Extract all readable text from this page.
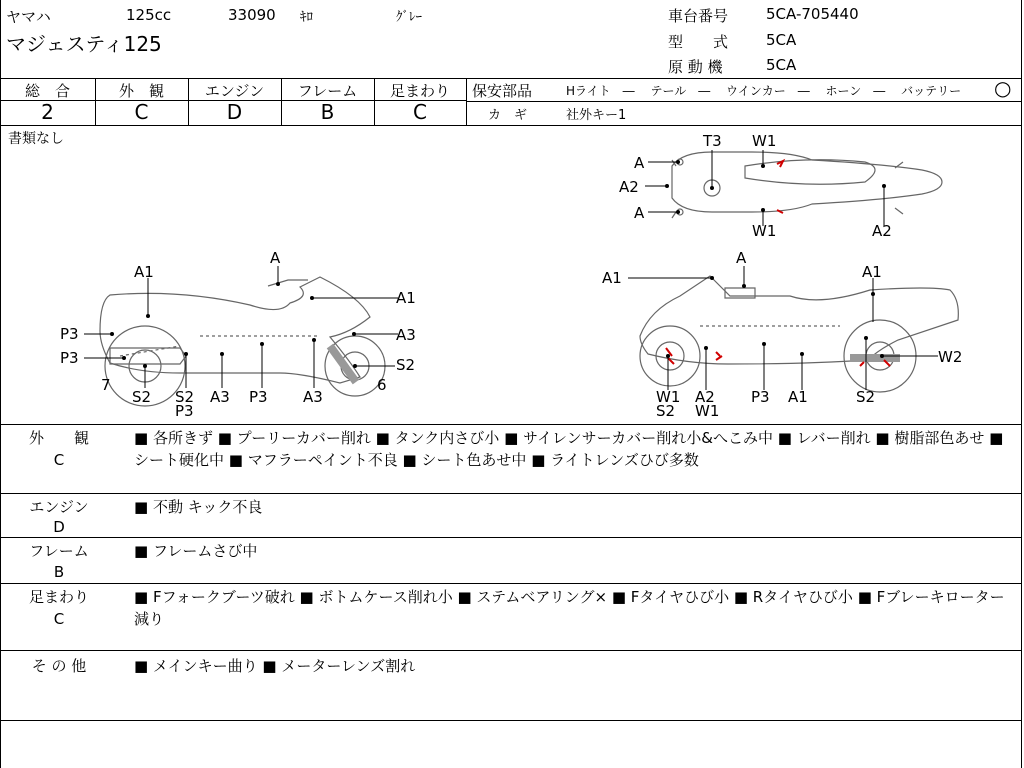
ヤマハ	125cc	33090 ｷﾛ	ｸﾞﾚｰ
マジェスティ125
車台番号	5CA-705440
型　　式	5CA
原 動 機	5CA
総　合	外　観	エンジン	フレーム	足まわり
2	C	D	B	C
保安部品	Hライト　―　 テール　―　 ウインカー　―　 ホーン　―　 バッテリー ○
カ　ギ	社外キー1
書類なし
A
A2
A
T3 W1
W1	A2
A
A1
A1
A3
S2
6
P3
P3
7
S2 S2
P3
A3 P3 A3
A
A1	A1
W2
W1
S2
A2
W1
P3 A1	S2
外　　観
C
■ 各所きず ■ プーリーカバー削れ ■ タンク内さび小 ■ サイレンサーカバー削れ小&へこみ中 ■ レバー削れ ■ 樹脂部色あせ ■ シート硬化中 ■ マフラーペイント不良 ■ シート色あせ中 ■ ライトレンズひび多数
エンジン
D
■ 不動 キック不良
フレーム
B
■ フレームさび中
足まわり
C
■ Fフォークブーツ破れ ■ ボトムケース削れ小 ■ ステムベアリング× ■ Fタイヤひび小 ■ Rタイヤひび小 ■ Fブレーキローター減り
そ の 他	■ メインキー曲り ■ メーターレンズ割れ
